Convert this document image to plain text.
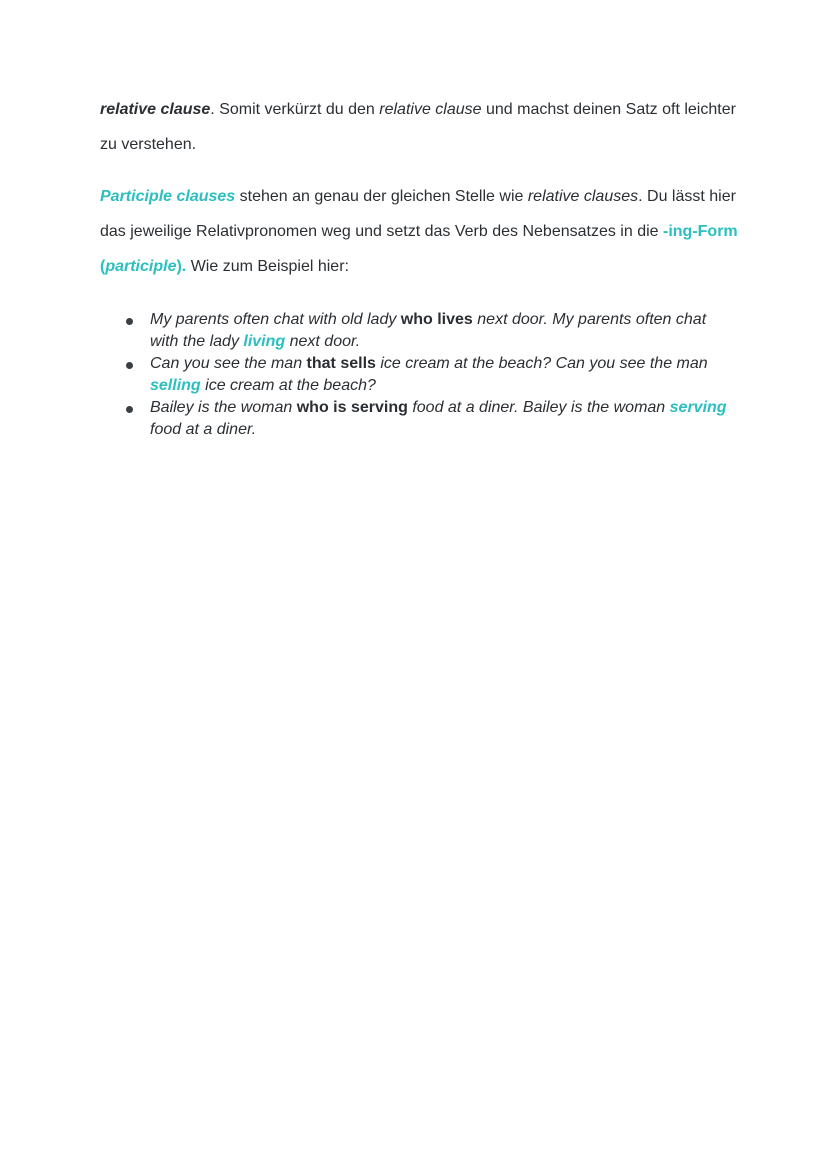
relative clause. Somit verkürzt du den relative clause und machst deinen Satz oft leichter zu verstehen.

Participle clauses stehen an genau der gleichen Stelle wie relative clauses. Du lässt hier das jeweilige Relativpronomen weg und setzt das Verb des Nebensatzes in die -ing-Form (participle). Wie zum Beispiel hier:

My parents often chat with old lady who lives next door. My parents often chat with the lady living next door.
Can you see the man that sells ice cream at the beach? Can you see the man selling ice cream at the beach?
Bailey is the woman who is serving food at a diner. Bailey is the woman serving food at a diner.
